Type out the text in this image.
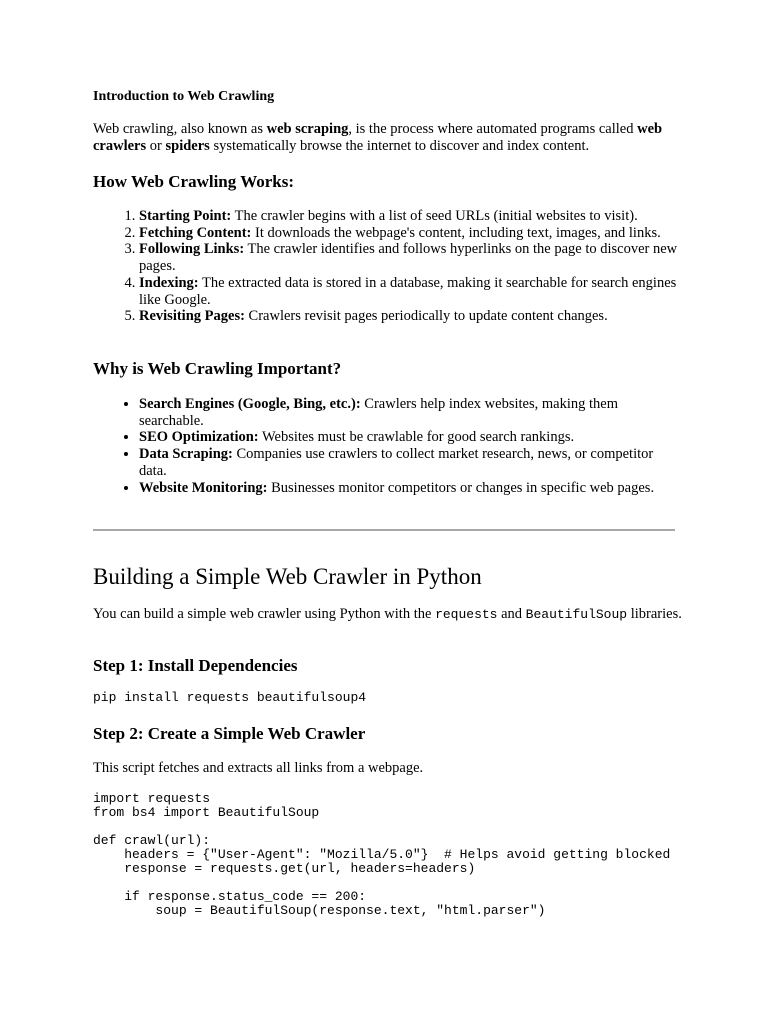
Introduction to Web Crawling

Web crawling, also known as web scraping, is the process where automated programs called web crawlers or spiders systematically browse the internet to discover and index content.

How Web Crawling Works:
1. Starting Point: The crawler begins with a list of seed URLs (initial websites to visit).
2. Fetching Content: It downloads the webpage's content, including text, images, and links.
3. Following Links: The crawler identifies and follows hyperlinks on the page to discover new pages.
4. Indexing: The extracted data is stored in a database, making it searchable for search engines like Google.
5. Revisiting Pages: Crawlers revisit pages periodically to update content changes.
Why is Web Crawling Important?
• Search Engines (Google, Bing, etc.): Crawlers help index websites, making them searchable.
• SEO Optimization: Websites must be crawlable for good search rankings.
• Data Scraping: Companies use crawlers to collect market research, news, or competitor data.
• Website Monitoring: Businesses monitor competitors or changes in specific web pages.
Building a Simple Web Crawler in Python

You can build a simple web crawler using Python with the requests and BeautifulSoup libraries.

Step 1: Install Dependencies
pip install requests beautifulsoup4
Step 2: Create a Simple Web Crawler

This script fetches and extracts all links from a webpage.

import requests
from bs4 import BeautifulSoup

def crawl(url):
headers = {"User-Agent": "Mozilla/5.0"}  # Helps avoid getting blocked
response = requests.get(url, headers=headers)

if response.status_code == 200:
soup = BeautifulSoup(response.text, "html.parser")
